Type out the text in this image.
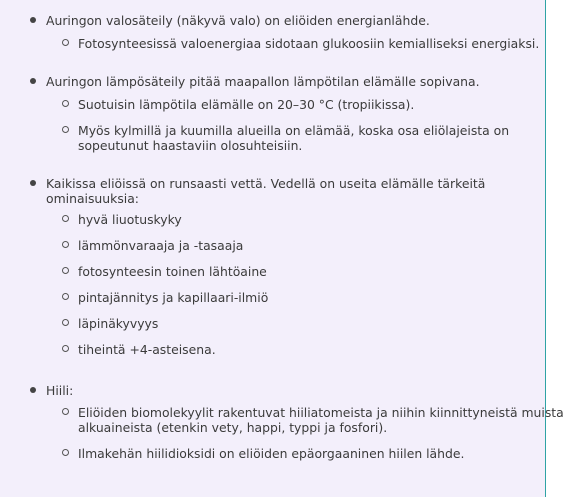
Auringon valosäteily (näkyvä valo) on eliöiden energianlähde.
Fotosynteesissä valoenergiaa sidotaan glukoosiin kemialliseksi energiaksi.
Auringon lämpösäteily pitää maapallon lämpötilan elämälle sopivana.
Suotuisin lämpötila elämälle on 20–30 °C (tropiikissa).
Myös kylmillä ja kuumilla alueilla on elämää, koska osa eliölajeista on sopeutunut haastaviin olosuhteisiin.
Kaikissa eliöissä on runsaasti vettä. Vedellä on useita elämälle tärkeitä ominaisuuksia:
hyvä liuotuskyky
lämmönvaraaja ja -tasaaja
fotosynteesin toinen lähtöaine
pintajännitys ja kapillaari-ilmiö
läpinäkyvyys
tiheintä +4-asteisena.
Hiili:
Eliöiden biomolekyylit rakentuvat hiiliatomeista ja niihin kiinnittyneistä muista alkuaineista (etenkin vety, happi, typpi ja fosfori).
Ilmakehän hiilidioksidi on eliöiden epäorgaaninen hiilen lähde.
